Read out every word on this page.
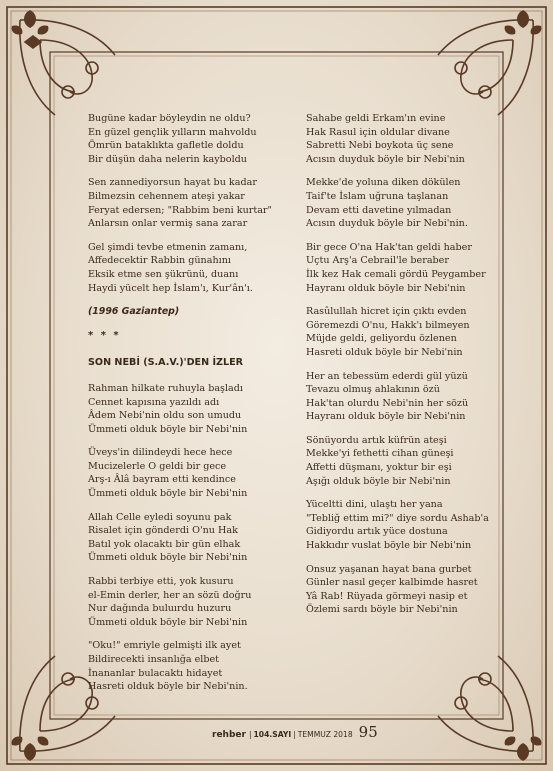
Bugüne kadar böyleydin ne oldu?
En güzel gençlik yılların mahvoldu
Ömrün bataklıkta gafletle doldu
Bir düşün daha nelerin kayboldu
Sen zannediyorsun hayat bu kadar
Bilmezsin cehennem ateşi yakar
Feryat edersen; "Rabbim beni kurtar"
Anlarsın onlar vermiş sana zarar
Gel şimdi tevbe etmenin zamanı,
Affedecektir Rabbin günahını
Eksik etme sen şükrünü, duanı
Haydi yücelt hep İslam'ı, Kur'ân'ı.
(1996 Gaziantep)
* * *
SON NEBİ (S.A.V.)'DEN İZLER
Rahman hilkate ruhuyla başladı
Cennet kapısına yazıldı adı
Âdem Nebi'nin oldu son umudu
Ümmeti olduk böyle bir Nebi'nin
Üveys'in dilindeydi hece hece
Mucizelerle O geldi bir gece
Arş-ı Âlâ bayram etti kendince
Ümmeti olduk böyle bir Nebi'nin
Allah Celle eyledi soyunu pak
Risalet için gönderdi O'nu Hak
Batıl yok olacaktı bir gün elhak
Ümmeti olduk böyle bir Nebi'nin
Rabbi terbiye etti, yok kusuru
el-Emin derler, her an sözü doğru
Nur dağında buluırdu huzuru
Ümmeti olduk böyle bir Nebi'nin
"Oku!" emriyle gelmişti ilk ayet
Bildirecekti insanlığa elbet
İnananlar bulacaktı hidayet
Hasreti olduk böyle bir Nebi'nin.
Sahabe geldi Erkam'ın evine
Hak Rasul için oldular divane
Sabretti Nebi boykota üç sene
Acısın duyduk böyle bir Nebi'nin
Mekke'de yoluna diken dökülen
Taif'te İslam uğruna taşlanan
Devam etti davetine yılmadan
Acısın duyduk böyle bir Nebi'nin.
Bir gece O'na Hak'tan geldi haber
Uçtu Arş'a Cebrail'le beraber
İlk kez Hak cemali gördü Peygamber
Hayranı olduk böyle bir Nebi'nin
Rasûlullah hicret için çıktı evden
Göremezdi O'nu, Hakk'ı bilmeyen
Müjde geldi, geliyordu özlenen
Hasreti olduk böyle bir Nebi'nin
Her an tebessüm ederdi gül yüzü
Tevazu olmuş ahlakının özü
Hak'tan olurdu Nebi'nin her sözü
Hayranı olduk böyle bir Nebi'nin
Sönüyordu artık küfrün ateşi
Mekke'yi fethetti cihan güneşi
Affetti düşmanı, yoktur bir eşi
Aşığı olduk böyle bir Nebi'nin
Yüceltti dini, ulaştı her yana
"Tebliğ ettim mi?" diye sordu Ashab'a
Gidiyordu artık yüce dostuna
Hakkıdır vuslat böyle bir Nebi'nin
Onsuz yaşanan hayat bana gurbet
Günler nasıl geçer kalbimde hasret
Yâ Rab! Rüyada görmeyi nasip et
Özlemi sardı böyle bir Nebi'nin
rehber | 104.SAYI | TEMMUZ 2018 95
